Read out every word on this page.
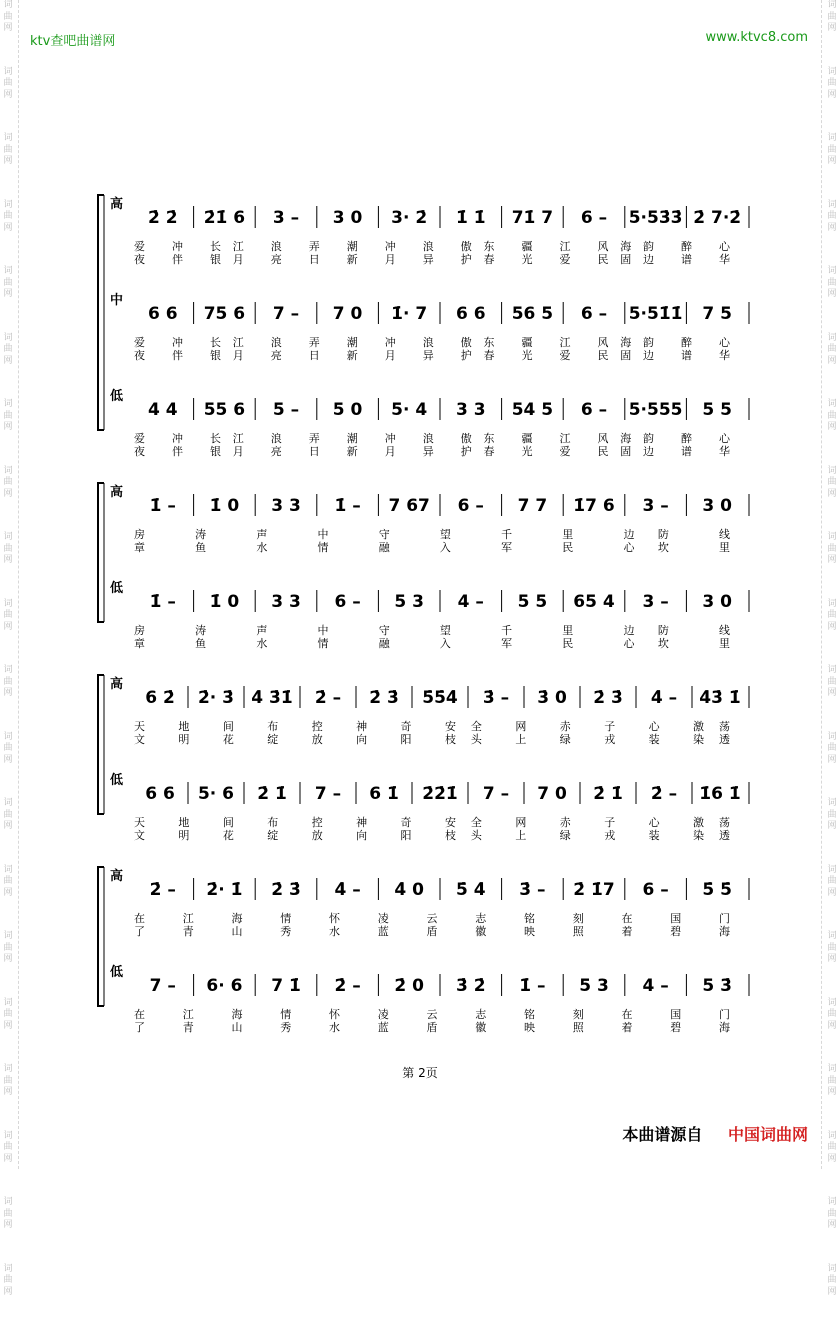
ktv查吧曲谱网	www.ktvc8.com
词
曲
网
词
曲
网
词
曲
网
词
曲
网
词
曲
网
词
曲
网
词
曲
网
词
曲
网
词
曲
网
词
曲
网
词
曲
网
词
曲
网
词
曲
网
词
曲
网
词
曲
网
词
曲
网
词
曲
网
词
曲
网
词
曲
网
词
曲
网
词
曲
网
词
曲
网
词
曲
网
词
曲
网
词
曲
网
词
曲
网
词
曲
网
词
曲
网
词
曲
网
词
曲
网
词
曲
网
词
曲
网
词
曲
网
词
曲
网
词
曲
网
词
曲
网
词
曲
网
词
曲
网
词
曲
网
词
曲
网
高
2̇ 2̇ 2̇1̇ 6 3 – 3 0 3· 2̇ 1̇ 1̇ 71̇ 7 6 – 5·53̇3̇ 2̇ 7·2̇
爱 冲 长江 浪 弄 潮 冲 浪 傲东 疆 江 风海韵 醉 心
夜 伴 银月 亮 日 新 月 异 护春 光 爱 民固边 谱 华
中
6 6 75 6 7 – 7 0 1̇· 7 6 6 56 5 6 – 5·51̇1̇ 7 5
爱 冲 长江 浪 弄 潮 冲 浪 傲东 疆 江 风海韵 醉 心
夜 伴 银月 亮 日 新 月 异 护春 光 爱 民固边 谱 华
低
4 4 55 6 5 – 5 0 5· 4 3 3 54 5 6 – 5·555 5 5
爱 冲 长江 浪 弄 潮 冲 浪 傲东 疆 江 风海韵 醉 心
夜 伴 银月 亮 日 新 月 异 护春 光 爱 民固边 谱 华
高
1̇ – 1̇ 0 3 3 1̇ – 7 67 6 – 7 7 1̇7 6 3 – 3 0
房 涛 声 中 守 望 千 里 边防 线
章 鱼 水 情 融 入 军 民 心坎 里
低
1̇ – 1̇ 0 3 3 6 – 5 3 4 – 5 5 65 4 3 – 3 0
房 涛 声 中 守 望 千 里 边防 线
章 鱼 水 情 融 入 军 民 心坎 里
高
6 2̇ 2̇· 3̇ 4̇ 3̇1̇ 2̇ – 2̇ 3̇ 5̇5̇4̇ 3̇ – 3̇ 0 2̇ 3̇ 4̇ – 4̇3̇ 1̇
天 地 间 布 控 神 奇 安全 网 赤 子 心 激荡
文 明 花 绽 放 向 阳 枝头 上 绿 戎 装 染透
低
6 6 5· 6 2̇ 1̇ 7 – 6 1̇ 2̇2̇1̇ 7 – 7 0 2̇ 1̇ 2̇ – 1̇6 1̇
天 地 间 布 控 神 奇 安全 网 赤 子 心 激荡
文 明 花 绽 放 向 阳 枝头 上 绿 戎 装 染透
高
2̇ – 2̇· 1̇ 2̇ 3̇ 4̇ – 4̇ 0 5̇ 4̇ 3̇ – 2̇ 1̇7 6 – 5̇ 5̇
在 江 海 情 怀 凌 云 志 铭 刻 在 国 门
了 青 山 秀 水 蓝 盾 徽 映 照 着 碧 海
低
7 – 6· 6 7 1̇ 2̇ – 2̇ 0 3̇ 2̇ 1̇ – 5 3 4 – 5 3̇
在 江 海 情 怀 凌 云 志 铭 刻 在 国 门
了 青 山 秀 水 蓝 盾 徽 映 照 着 碧 海
第 2页
本曲谱源自 中国词曲网
